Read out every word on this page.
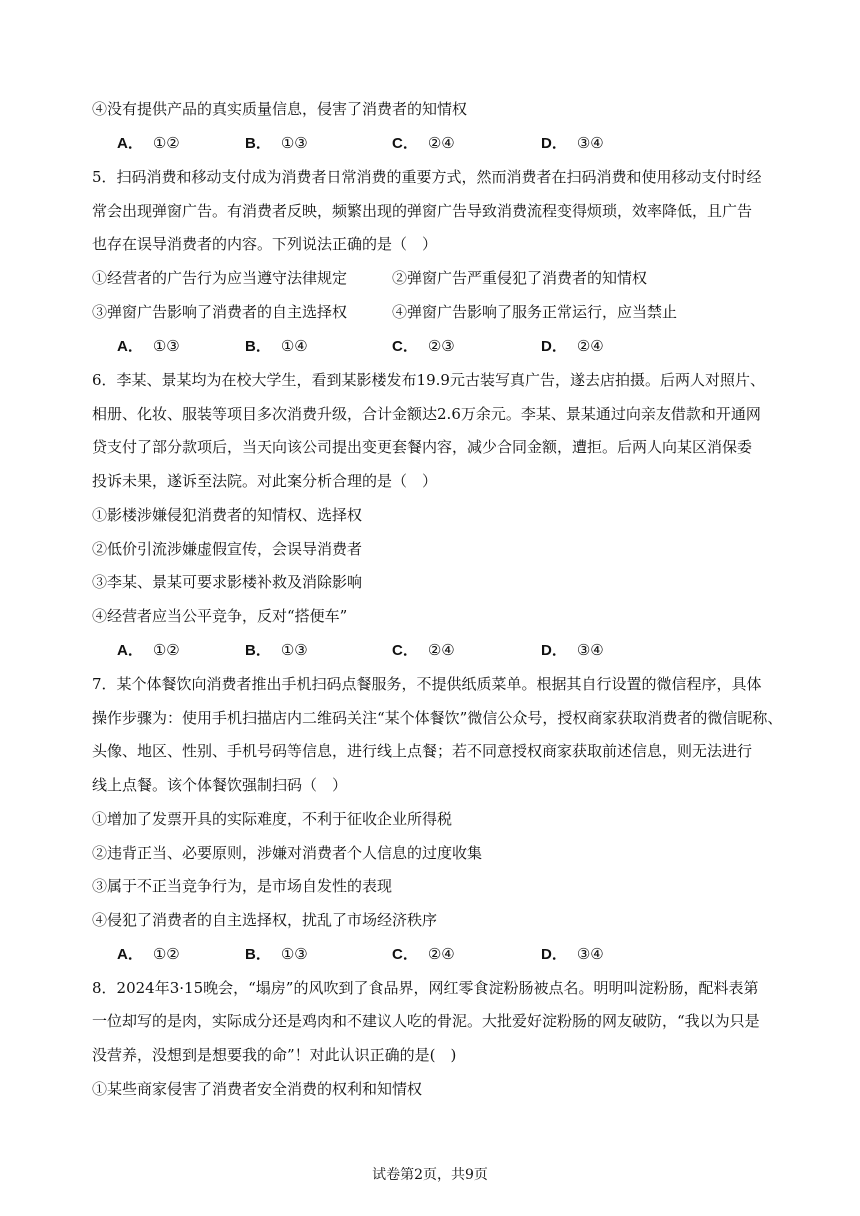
④没有提供产品的真实质量信息，侵害了消费者的知情权
A． ①②	B． ①③	C． ②④	D． ③④
5．扫码消费和移动支付成为消费者日常消费的重要方式，然而消费者在扫码消费和使用移动支付时经
常会出现弹窗广告。有消费者反映，频繁出现的弹窗广告导致消费流程变得烦琐，效率降低，且广告
也存在误导消费者的内容。下列说法正确的是（　）
①经营者的广告行为应当遵守法律规定　　　②弹窗广告严重侵犯了消费者的知情权
③弹窗广告影响了消费者的自主选择权　　　④弹窗广告影响了服务正常运行，应当禁止
A． ①③	B． ①④	C． ②③	D． ②④
6．李某、景某均为在校大学生，看到某影楼发布19.9元古装写真广告，遂去店拍摄。后两人对照片、
相册、化妆、服装等项目多次消费升级，合计金额达2.6万余元。李某、景某通过向亲友借款和开通网
贷支付了部分款项后，当天向该公司提出变更套餐内容，减少合同金额，遭拒。后两人向某区消保委
投诉未果，遂诉至法院。对此案分析合理的是（　）
①影楼涉嫌侵犯消费者的知情权、选择权
②低价引流涉嫌虚假宣传，会误导消费者
③李某、景某可要求影楼补救及消除影响
④经营者应当公平竞争，反对“搭便车”
A． ①②	B． ①③	C． ②④	D． ③④
7．某个体餐饮向消费者推出手机扫码点餐服务，不提供纸质菜单。根据其自行设置的微信程序，具体
操作步骤为：使用手机扫描店内二维码关注“某个体餐饮”微信公众号，授权商家获取消费者的微信昵称、
头像、地区、性别、手机号码等信息，进行线上点餐；若不同意授权商家获取前述信息，则无法进行
线上点餐。该个体餐饮强制扫码（　）
①增加了发票开具的实际难度，不利于征收企业所得税
②违背正当、必要原则，涉嫌对消费者个人信息的过度收集
③属于不正当竞争行为，是市场自发性的表现
④侵犯了消费者的自主选择权，扰乱了市场经济秩序
A． ①②	B． ①③	C． ②④	D． ③④
8．2024年3·15晚会，“塌房”的风吹到了食品界，网红零食淀粉肠被点名。明明叫淀粉肠，配料表第
一位却写的是肉，实际成分还是鸡肉和不建议人吃的骨泥。大批爱好淀粉肠的网友破防，“我以为只是
没营养，没想到是想要我的命”！对此认识正确的是(　)
①某些商家侵害了消费者安全消费的权利和知情权
试卷第2页，共9页
